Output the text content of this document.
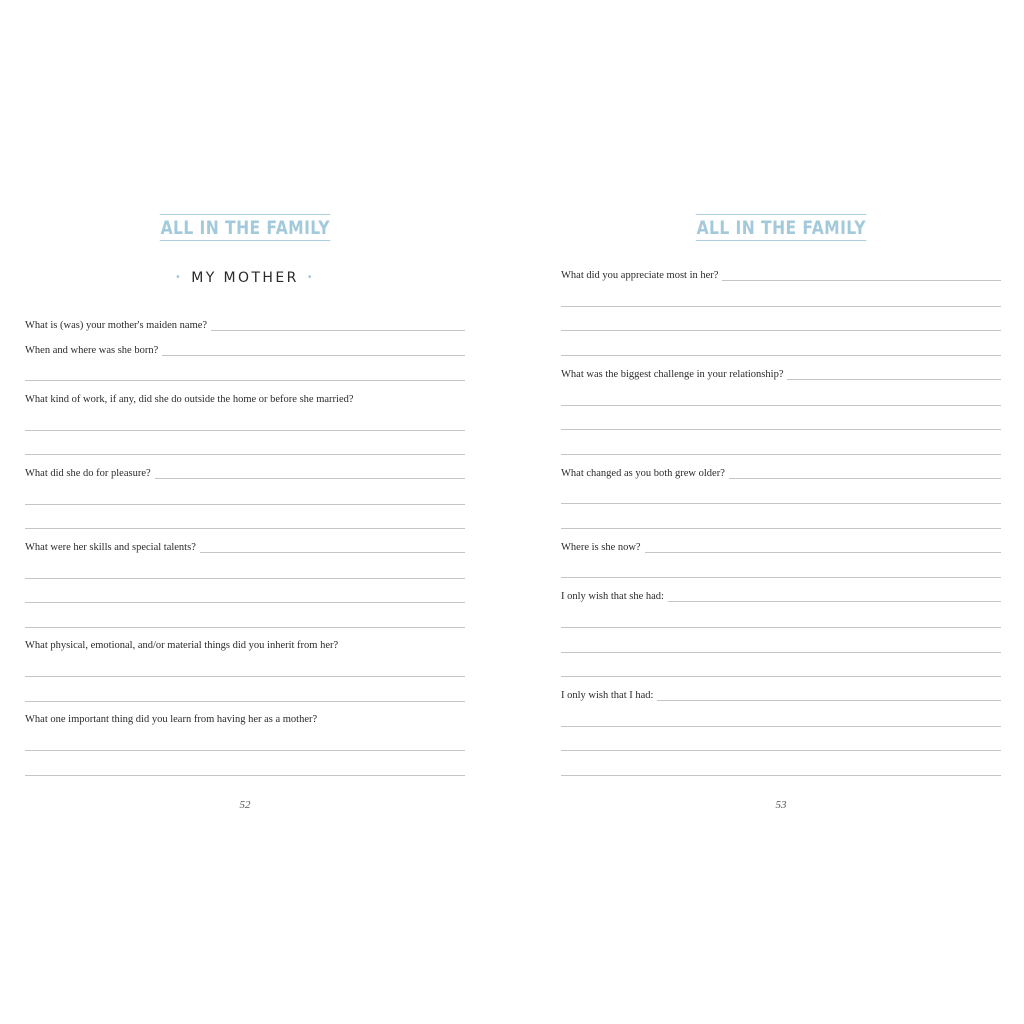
ALL IN THE FAMILY
• MY MOTHER •
What is (was) your mother's maiden name?
When and where was she born?
What kind of work, if any, did she do outside the home or before she married?
What did she do for pleasure?
What were her skills and special talents?
What physical, emotional, and/or material things did you inherit from her?
What one important thing did you learn from having her as a mother?
52
ALL IN THE FAMILY
What did you appreciate most in her?
What was the biggest challenge in your relationship?
What changed as you both grew older?
Where is she now?
I only wish that she had:
I only wish that I had:
53
